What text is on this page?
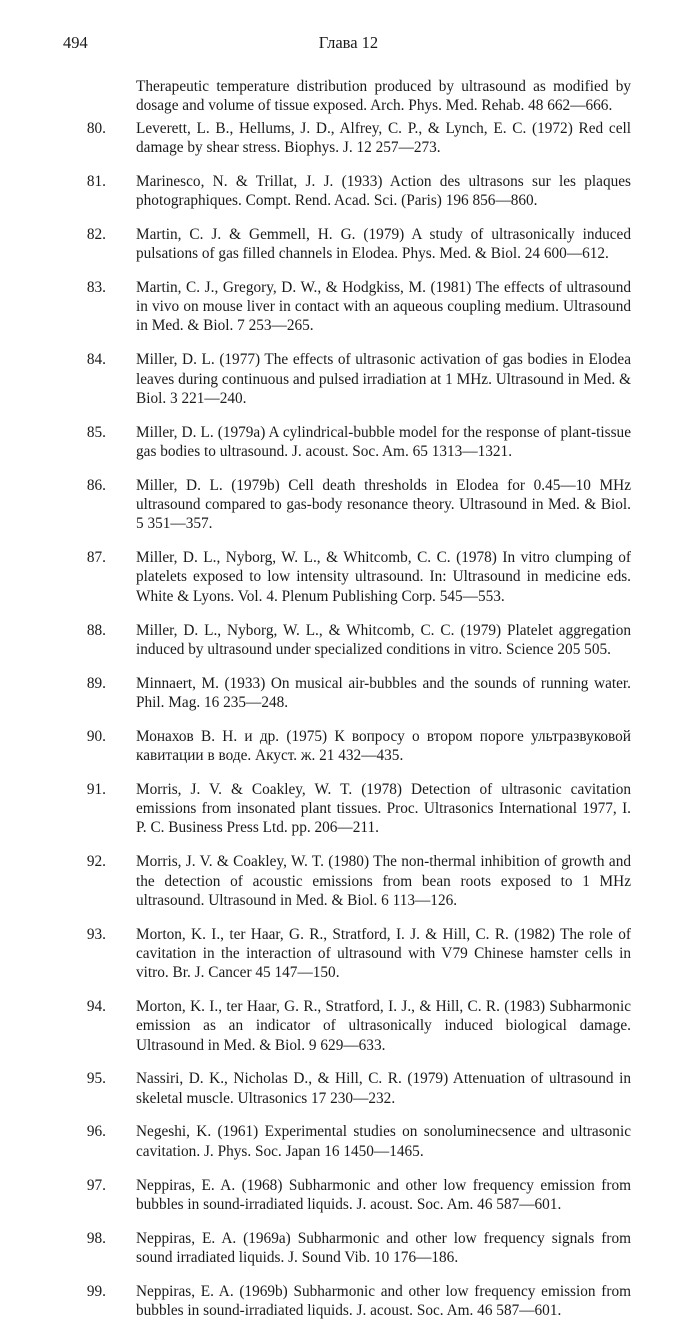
494	Глава 12
Therapeutic temperature distribution produced by ultrasound as modified by dosage and volume of tissue exposed. Arch. Phys. Med. Rehab. 48 662—666.
80 . Leverett, L. B., Hellums, J. D., Alfrey, C. P., & Lynch, E. C. (1972) Red cell damage by shear stress. Biophys. J. 12 257—273.
81 . Marinesco, N. & Trillat, J. J. (1933) Action des ultrasons sur les plaques photographiques. Compt. Rend. Acad. Sci. (Paris) 196 856—860.
82 . Martin, C. J. & Gemmell, H. G. (1979) A study of ultrasonically induced pulsations of gas filled channels in Elodea. Phys. Med. & Biol. 24 600—612.
83 . Martin, C. J., Gregory, D. W., & Hodgkiss, M. (1981) The effects of ultrasound in vivo on mouse liver in contact with an aqueous coupling medium. Ultrasound in Med. & Biol. 7 253—265.
84 . Miller, D. L. (1977) The effects of ultrasonic activation of gas bodies in Elodea leaves during continuous and pulsed irradiation at 1 MHz. Ultrasound in Med. & Biol. 3 221—240.
85 . Miller, D. L. (1979a) A cylindrical-bubble model for the response of plant-tissue gas bodies to ultrasound. J. acoust. Soc. Am. 65 1313—1321.
86 . Miller, D. L. (1979b) Cell death thresholds in Elodea for 0.45—10 MHz ultrasound compared to gas-body resonance theory. Ultrasound in Med. & Biol. 5 351—357.
87 . Miller, D. L., Nyborg, W. L., & Whitcomb, C. C. (1978) In vitro clumping of platelets exposed to low intensity ultrasound. In: Ultrasound in medicine eds. White & Lyons. Vol. 4. Plenum Publishing Corp. 545—553.
88 . Miller, D. L., Nyborg, W. L., & Whitcomb, C. C. (1979) Platelet aggregation induced by ultrasound under specialized conditions in vitro. Science 205 505.
89 . Minnaert, M. (1933) On musical air-bubbles and the sounds of running water. Phil. Mag. 16 235—248.
90 . Монахов В. Н. и др. (1975) К вопросу о втором пороге ультразвуковой кавитации в воде. Акуст. ж. 21 432—435.
91 . Morris, J. V. & Coakley, W. T. (1978) Detection of ultrasonic cavitation emissions from insonated plant tissues. Proc. Ultrasonics International 1977, I. P. C. Business Press Ltd. pp. 206—211.
92 . Morris, J. V. & Coakley, W. T. (1980) The non-thermal inhibition of growth and the detection of acoustic emissions from bean roots exposed to 1 MHz ultrasound. Ultrasound in Med. & Biol. 6 113—126.
93 . Morton, K. I., ter Haar, G. R., Stratford, I. J. & Hill, C. R. (1982) The role of cavitation in the interaction of ultrasound with V79 Chinese hamster cells in vitro. Br. J. Cancer 45 147—150.
94 . Morton, K. I., ter Haar, G. R., Stratford, I. J., & Hill, C. R. (1983) Subharmonic emission as an indicator of ultrasonically induced biological damage. Ultrasound in Med. & Biol. 9 629—633.
95 . Nassiri, D. K., Nicholas D., & Hill, C. R. (1979) Attenuation of ultrasound in skeletal muscle. Ultrasonics 17 230—232.
96 . Negeshi, K. (1961) Experimental studies on sonoluminecsence and ultrasonic cavitation. J. Phys. Soc. Japan 16 1450—1465.
97 . Neppiras, E. A. (1968) Subharmonic and other low frequency emission from bubbles in sound-irradiated liquids. J. acoust. Soc. Am. 46 587—601.
98 . Neppiras, E. A. (1969a) Subharmonic and other low frequency signals from sound irradiated liquids. J. Sound Vib. 10 176—186.
99 . Neppiras, E. A. (1969b) Subharmonic and other low frequency emission from bubbles in sound-irradiated liquids. J. acoust. Soc. Am. 46 587—601.
